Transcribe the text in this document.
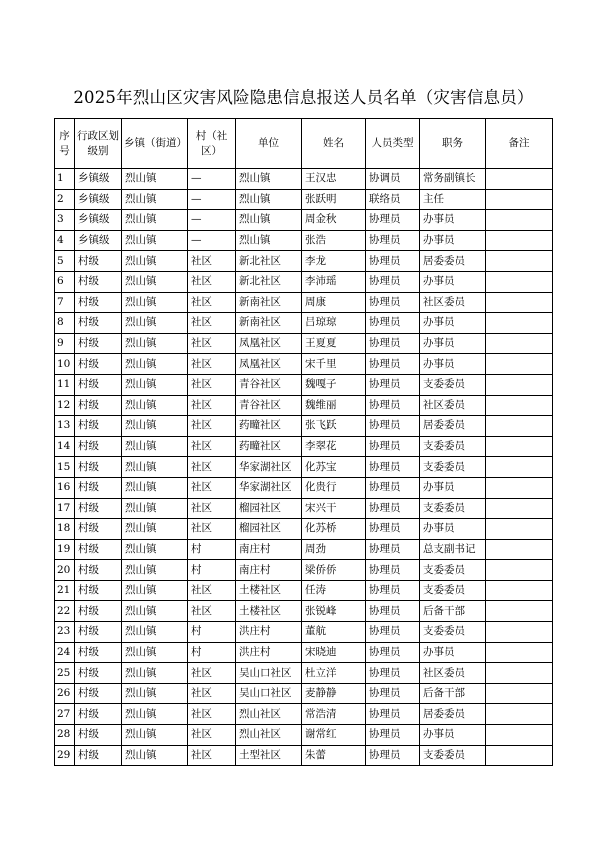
2025年烈山区灾害风险隐患信息报送人员名单（灾害信息员）
序号	行政区划级别	乡镇（街道）	村（社区）	单位	姓名	人员类型	职务	备注
1	乡镇级	烈山镇	—	烈山镇	王汉忠	协调员	常务副镇长	
2	乡镇级	烈山镇	—	烈山镇	张跃明	联络员	主任	
3	乡镇级	烈山镇	—	烈山镇	周金秋	协理员	办事员	
4	乡镇级	烈山镇	—	烈山镇	张浩	协理员	办事员	
5	村级	烈山镇	社区	新北社区	李龙	协理员	居委委员	
6	村级	烈山镇	社区	新北社区	李沛瑶	协理员	办事员	
7	村级	烈山镇	社区	新南社区	周康	协理员	社区委员	
8	村级	烈山镇	社区	新南社区	吕琼琼	协理员	办事员	
9	村级	烈山镇	社区	凤凰社区	王夏夏	协理员	办事员	
10	村级	烈山镇	社区	凤凰社区	宋千里	协理员	办事员	
11	村级	烈山镇	社区	青谷社区	魏嘎子	协理员	支委委员	
12	村级	烈山镇	社区	青谷社区	魏维丽	协理员	社区委员	
13	村级	烈山镇	社区	药疃社区	张飞跃	协理员	居委委员	
14	村级	烈山镇	社区	药疃社区	李翠花	协理员	支委委员	
15	村级	烈山镇	社区	华家湖社区	化苏宝	协理员	支委委员	
16	村级	烈山镇	社区	华家湖社区	化贵行	协理员	办事员	
17	村级	烈山镇	社区	榴园社区	宋兴干	协理员	支委委员	
18	村级	烈山镇	社区	榴园社区	化苏桥	协理员	办事员	
19	村级	烈山镇	村	南庄村	周劲	协理员	总支副书记	
20	村级	烈山镇	村	南庄村	梁侨侨	协理员	支委委员	
21	村级	烈山镇	社区	土楼社区	任涛	协理员	支委委员	
22	村级	烈山镇	社区	土楼社区	张锐峰	协理员	后备干部	
23	村级	烈山镇	村	洪庄村	董航	协理员	支委委员	
24	村级	烈山镇	村	洪庄村	宋晓迪	协理员	办事员	
25	村级	烈山镇	社区	吴山口社区	杜立洋	协理员	社区委员	
26	村级	烈山镇	社区	吴山口社区	麦静静	协理员	后备干部	
27	村级	烈山镇	社区	烈山社区	常浩清	协理员	居委委员	
28	村级	烈山镇	社区	烈山社区	谢常红	协理员	办事员	
29	村级	烈山镇	社区	土型社区	朱蕾	协理员	支委委员	
